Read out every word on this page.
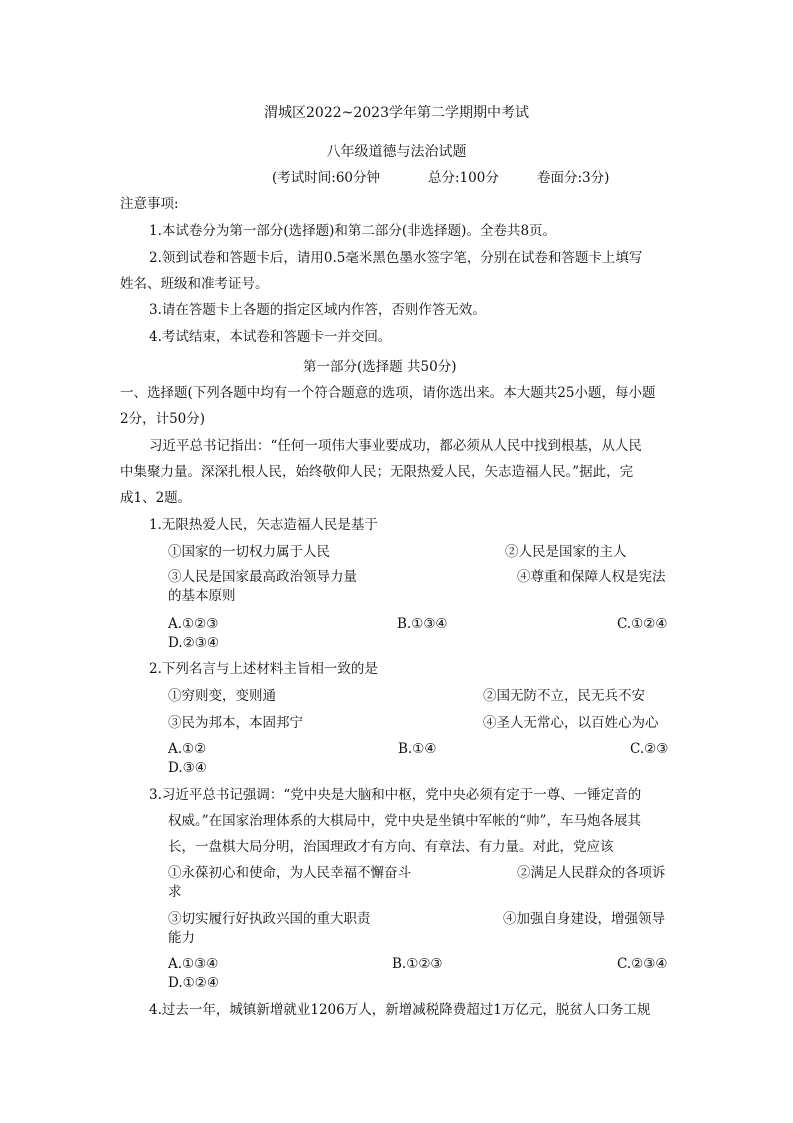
渭城区2022~2023学年第二学期期中考试
八年级道德与法治试题
(考试时间:60分钟	总分:100分	卷面分:3分)
注意事项:
1.本试卷分为第一部分(选择题)和第二部分(非选择题)。全卷共8页。
2.领到试卷和答题卡后，请用0.5毫米黑色墨水签字笔，分别在试卷和答题卡上填写
姓名、班级和准考证号。
3.请在答题卡上各题的指定区域内作答，否则作答无效。
4.考试结束，本试卷和答题卡一并交回。
第一部分(选择题 共50分)
一、选择题(下列各题中均有一个符合题意的选项，请你选出来。本大题共25小题，每小题
2分，计50分)
习近平总书记指出：“任何一项伟大事业要成功，都必须从人民中找到根基，从人民
中集聚力量。深深扎根人民，始终敬仰人民；无限热爱人民，矢志造福人民。”据此，完
成1、2题。
1.无限热爱人民，矢志造福人民是基于
①国家的一切权力属于人民	②人民是国家的主人
③人民是国家最高政治领导力量	④尊重和保障人权是宪法
的基本原则
A.①②③	B.①③④	C.①②④
D.②③④
2.下列名言与上述材料主旨相一致的是
①穷则变，变则通	②国无防不立，民无兵不安
③民为邦本，本固邦宁	④圣人无常心，以百姓心为心
A.①②	B.①④	C.②③
D.③④
3.习近平总书记强调：“党中央是大脑和中枢，党中央必须有定于一尊、一锤定音的
权威。”在国家治理体系的大棋局中，党中央是坐镇中军帐的“帅”，车马炮各展其
长，一盘棋大局分明，治国理政才有方向、有章法、有力量。对此，党应该
①永葆初心和使命，为人民幸福不懈奋斗	②满足人民群众的各项诉
求
③切实履行好执政兴国的重大职责	④加强自身建设，增强领导
能力
A.①③④	B.①②③	C.②③④
D.①②④
4.过去一年，城镇新增就业1206万人，新增减税降费超过1万亿元，脱贫人口务工规
